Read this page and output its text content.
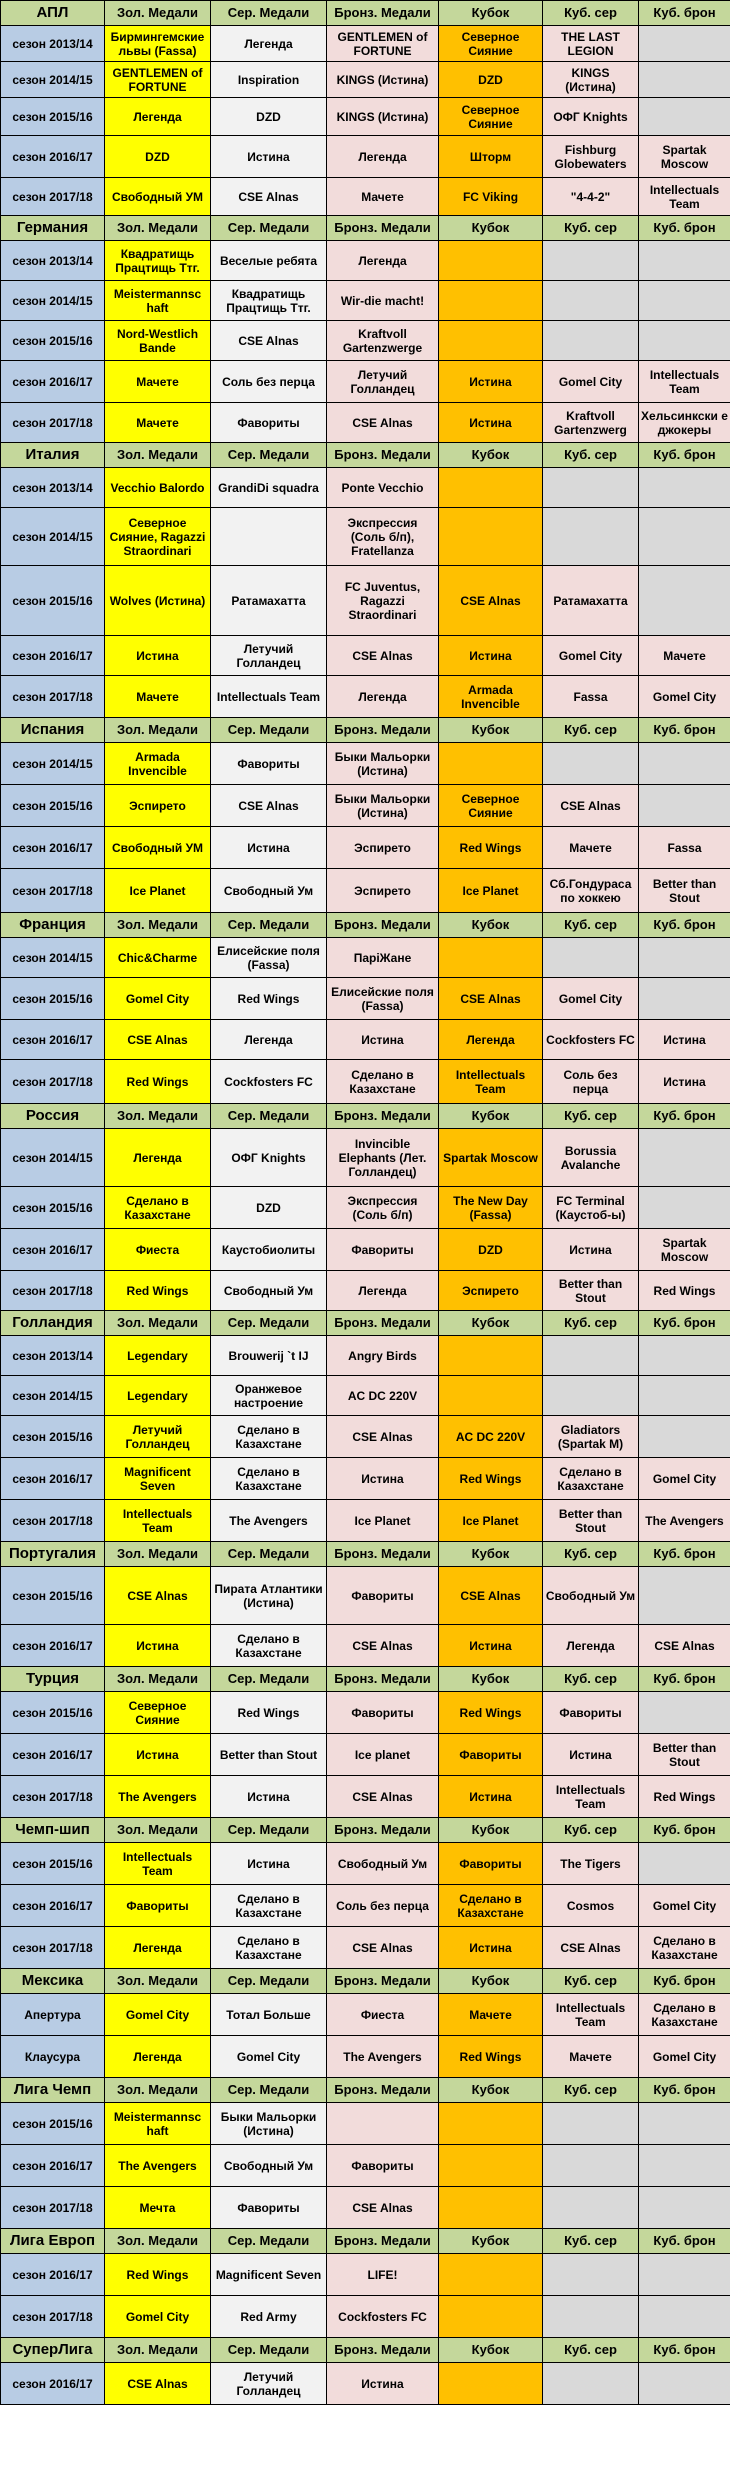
АПЛ	Зол. Медали	Сер. Медали	Бронз. Медали	Кубок	Куб. сер	Куб. брон
сезон 2013/14	Бирмингемские львы (Fassa)	Легенда	GENTLEMEN of FORTUNE	Северное Сияние	THE LAST LEGION	
сезон 2014/15	GENTLEMEN of FORTUNE	Inspiration	KINGS (Истина)	DZD	KINGS (Истина)	
сезон 2015/16	Легенда	DZD	KINGS (Истина)	Северное Сияние	ОФГ Knights	
сезон 2016/17	DZD	Истина	Легенда	Шторм	Fishburg Globewaters	Spartak Moscow
сезон 2017/18	Свободный УМ	CSE Alnas	Мачете	FC Viking	"4-4-2"	Intellectuals Team
Германия	Зол. Медали	Сер. Медали	Бронз. Медали	Кубок	Куб. сер	Куб. брон
сезон 2013/14	Квадратищь Працтищь Ттг.	Веселые ребята	Легенда			
сезон 2014/15	Meistermannsc haft	Квадратищь Працтищь Ттг.	Wir-die macht!			
сезон 2015/16	Nord-Westlich Bande	CSE Alnas	Kraftvoll Gartenzwerge			
сезон 2016/17	Мачете	Соль без перца	Летучий Голландец	Истина	Gomel City	Intellectuals Team
сезон 2017/18	Мачете	Фавориты	CSE Alnas	Истина	Kraftvoll Gartenzwerg	Хельсинкски е джокеры
Италия	Зол. Медали	Сер. Медали	Бронз. Медали	Кубок	Куб. сер	Куб. брон
сезон 2013/14	Vecchio Balordo	GrandiDi squadra	Ponte Vecchio			
сезон 2014/15	Северное Сияние, Ragazzi Straordinari		Экспрессия (Соль б/п), Fratellanza			
сезон 2015/16	Wolves (Истина)	Ратамахатта	FC Juventus, Ragazzi Straordinari	CSE Alnas	Ратамахатта	
сезон 2016/17	Истина	Летучий Голландец	CSE Alnas	Истина	Gomel City	Мачете
сезон 2017/18	Мачете	Intellectuals Team	Легенда	Armada Invencible	Fassa	Gomel City
Испания	Зол. Медали	Сер. Медали	Бронз. Медали	Кубок	Куб. сер	Куб. брон
сезон 2014/15	Armada Invencible	Фавориты	Быки Мальорки (Истина)			
сезон 2015/16	Эспирето	CSE Alnas	Быки Мальорки (Истина)	Северное Сияние	CSE Alnas	
сезон 2016/17	Свободный УМ	Истина	Эспирето	Red Wings	Мачете	Fassa
сезон 2017/18	Ice Planet	Свободный Ум	Эспирето	Ice Planet	Сб.Гондураса по хоккею	Better than Stout
Франция	Зол. Медали	Сер. Медали	Бронз. Медали	Кубок	Куб. сер	Куб. брон
сезон 2014/15	Chic&Charme	Елисейские поля (Fassa)	ПарiЖане			
сезон 2015/16	Gomel City	Red Wings	Елисейские поля (Fassa)	CSE Alnas	Gomel City	
сезон 2016/17	CSE Alnas	Легенда	Истина	Легенда	Cockfosters FC	Истина
сезон 2017/18	Red Wings	Cockfosters FC	Сделано в Казахстане	Intellectuals Team	Соль без перца	Истина
Россия	Зол. Медали	Сер. Медали	Бронз. Медали	Кубок	Куб. сер	Куб. брон
сезон 2014/15	Легенда	ОФГ Knights	Invincible Elephants (Лет. Голландец)	Spartak Moscow	Borussia Avalanche	
сезон 2015/16	Сделано в Казахстане	DZD	Экспрессия (Соль б/п)	The New Day (Fassa)	FC Terminal (Каустоб-ы)	
сезон 2016/17	Фиеста	Каустобиолиты	Фавориты	DZD	Истина	Spartak Moscow
сезон 2017/18	Red Wings	Свободный Ум	Легенда	Эспирето	Better than Stout	Red Wings
Голландия	Зол. Медали	Сер. Медали	Бронз. Медали	Кубок	Куб. сер	Куб. брон
сезон 2013/14	Legendary	Brouwerij `t IJ	Angry Birds			
сезон 2014/15	Legendary	Оранжевое настроение	AC DC 220V			
сезон 2015/16	Летучий Голландец	Сделано в Казахстане	CSE Alnas	AC DC 220V	Gladiators (Spartak M)	
сезон 2016/17	Magnificent Seven	Сделано в Казахстане	Истина	Red Wings	Сделано в Казахстане	Gomel City
сезон 2017/18	Intellectuals Team	The Avengers	Ice Planet	Ice Planet	Better than Stout	The Avengers
Португалия	Зол. Медали	Сер. Медали	Бронз. Медали	Кубок	Куб. сер	Куб. брон
сезон 2015/16	CSE Alnas	Пирата Атлантики (Истина)	Фавориты	CSE Alnas	Свободный Ум	
сезон 2016/17	Истина	Сделано в Казахстане	CSE Alnas	Истина	Легенда	CSE Alnas
Турция	Зол. Медали	Сер. Медали	Бронз. Медали	Кубок	Куб. сер	Куб. брон
сезон 2015/16	Северное Сияние	Red Wings	Фавориты	Red Wings	Фавориты	
сезон 2016/17	Истина	Better than Stout	Ice planet	Фавориты	Истина	Better than Stout
сезон 2017/18	The Avengers	Истина	CSE Alnas	Истина	Intellectuals Team	Red Wings
Чемп-шип	Зол. Медали	Сер. Медали	Бронз. Медали	Кубок	Куб. сер	Куб. брон
сезон 2015/16	Intellectuals Team	Истина	Свободный Ум	Фавориты	The Tigers	
сезон 2016/17	Фавориты	Сделано в Казахстане	Соль без перца	Сделано в Казахстане	Cosmos	Gomel City
сезон 2017/18	Легенда	Сделано в Казахстане	CSE Alnas	Истина	CSE Alnas	Сделано в Казахстане
Мексика	Зол. Медали	Сер. Медали	Бронз. Медали	Кубок	Куб. сер	Куб. брон
Апертура	Gomel City	Тотал Больше	Фиеста	Мачете	Intellectuals Team	Сделано в Казахстане
Клаусура	Легенда	Gomel City	The Avengers	Red Wings	Мачете	Gomel City
Лига Чемп	Зол. Медали	Сер. Медали	Бронз. Медали	Кубок	Куб. сер	Куб. брон
сезон 2015/16	Meistermannsc haft	Быки Мальорки (Истина)				
сезон 2016/17	The Avengers	Свободный Ум	Фавориты			
сезон 2017/18	Мечта	Фавориты	CSE Alnas			
Лига Европ	Зол. Медали	Сер. Медали	Бронз. Медали	Кубок	Куб. сер	Куб. брон
сезон 2016/17	Red Wings	Magnificent Seven	LIFE!			
сезон 2017/18	Gomel City	Red Army	Cockfosters FC			
СуперЛига	Зол. Медали	Сер. Медали	Бронз. Медали	Кубок	Куб. сер	Куб. брон
сезон 2016/17	CSE Alnas	Летучий Голландец	Истина			
